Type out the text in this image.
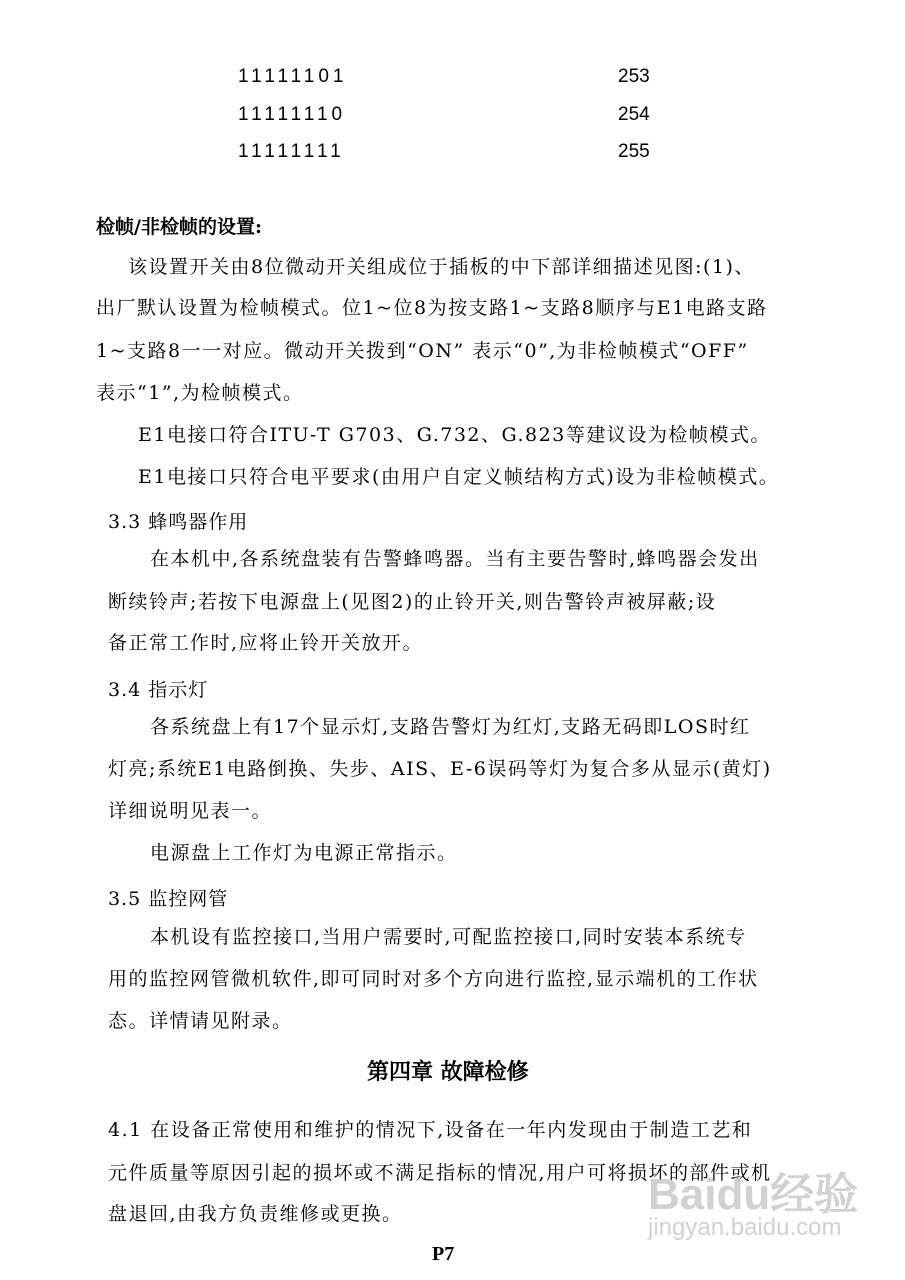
11111101	253
11111110	254
11111111	255
检帧/非检帧的设置:
该设置开关由8位微动开关组成位于插板的中下部详细描述见图:(1)、
出厂默认设置为检帧模式。位1~位8为按支路1~支路8顺序与E1电路支路
1~支路8一一对应。微动开关拨到“ON” 表示“0”,为非检帧模式“OFF”
表示“1”,为检帧模式。
E1电接口符合ITU-T G703、G.732、G.823等建议设为检帧模式。
E1电接口只符合电平要求(由用户自定义帧结构方式)设为非检帧模式。
3.3 蜂鸣器作用
在本机中,各系统盘装有告警蜂鸣器。当有主要告警时,蜂鸣器会发出
断续铃声;若按下电源盘上(见图2)的止铃开关,则告警铃声被屏蔽;设
备正常工作时,应将止铃开关放开。
3.4 指示灯
各系统盘上有17个显示灯,支路告警灯为红灯,支路无码即LOS时红
灯亮;系统E1电路倒换、失步、AIS、E-6误码等灯为复合多从显示(黄灯)
详细说明见表一。
电源盘上工作灯为电源正常指示。
3.5 监控网管
本机设有监控接口,当用户需要时,可配监控接口,同时安装本系统专
用的监控网管微机软件,即可同时对多个方向进行监控,显示端机的工作状
态。详情请见附录。
第四章 故障检修
4.1 在设备正常使用和维护的情况下,设备在一年内发现由于制造工艺和
元件质量等原因引起的损坏或不满足指标的情况,用户可将损坏的部件或机
盘退回,由我方负责维修或更换。
P7
Baidu经验
jingyan.baidu.com
